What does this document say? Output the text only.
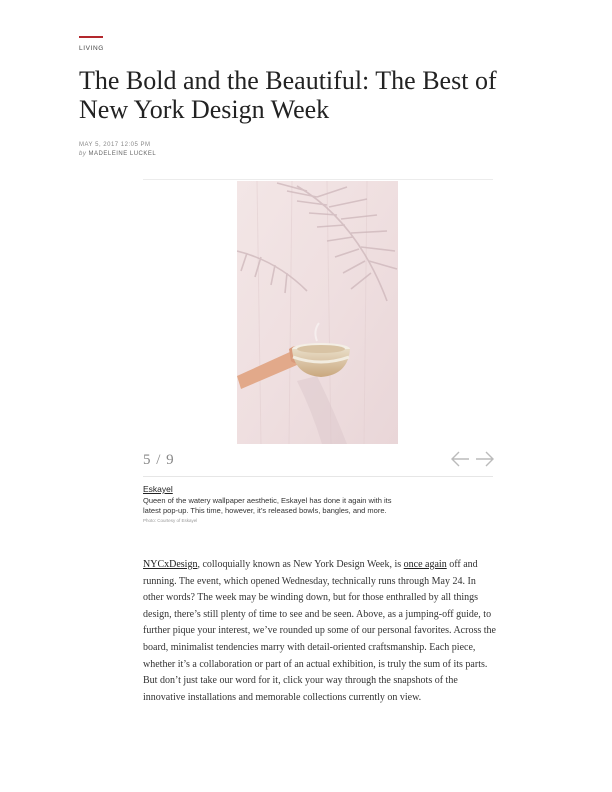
LIVING
The Bold and the Beautiful: The Best of New York Design Week
MAY 5, 2017 12:05 PM
by MADELEINE LUCKEL
5 / 9
Eskayel
Queen of the watery wallpaper aesthetic, Eskayel has done it again with its latest pop-up. This time, however, it’s released bowls, bangles, and more.
Photo: Courtesy of Eskayel

NYCxDesign, colloquially known as New York Design Week, is once again off and running. The event, which opened Wednesday, technically runs through May 24. In other words? The week may be winding down, but for those enthralled by all things design, there’s still plenty of time to see and be seen. Above, as a jumping-off guide, to further pique your interest, we’ve rounded up some of our personal favorites. Across the board, minimalist tendencies marry with detail-oriented craftsmanship. Each piece, whether it’s a collaboration or part of an actual exhibition, is truly the sum of its parts. But don’t just take our word for it, click your way through the snapshots of the innovative installations and memorable collections currently on view.
